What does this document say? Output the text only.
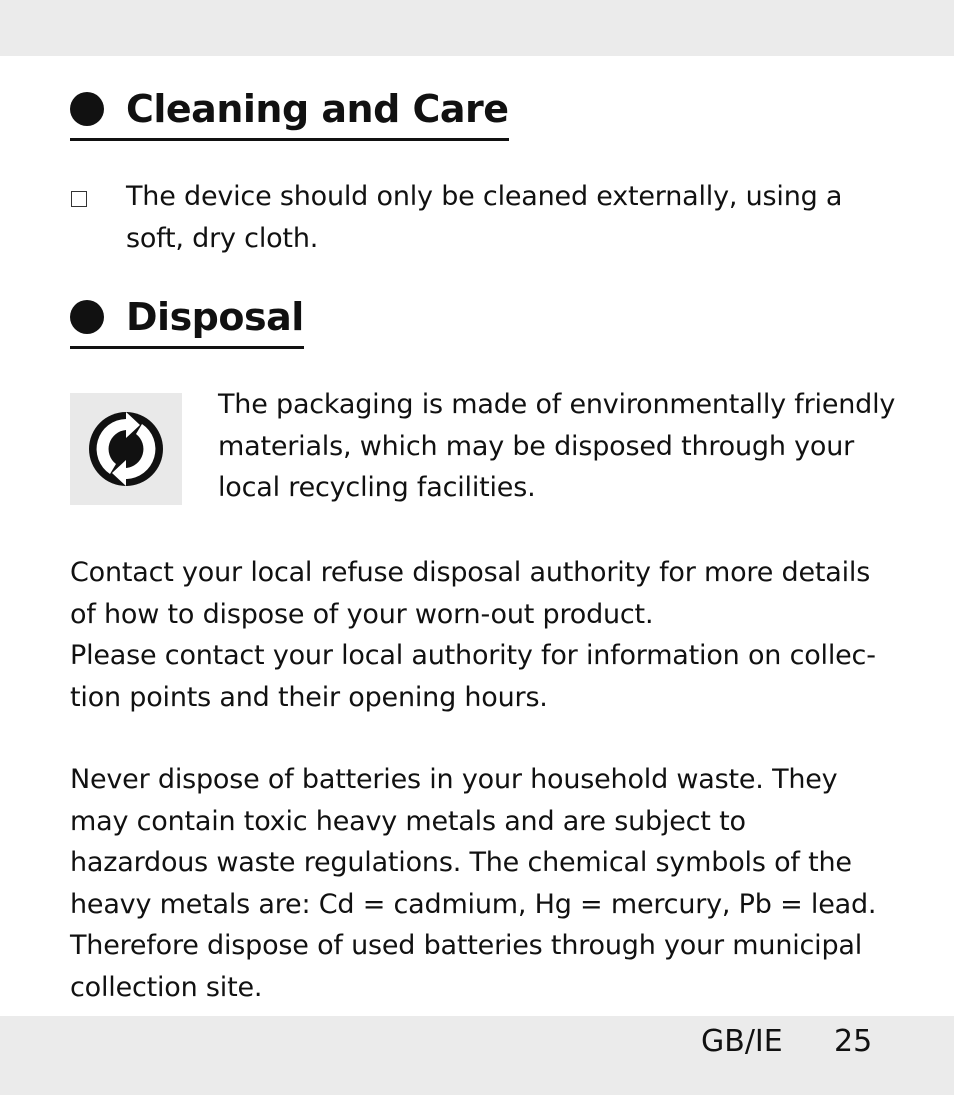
Cleaning and Care
The device should only be cleaned externally, using a soft, dry cloth.
Disposal
The packaging is made of environmentally friendly materials, which may be disposed through your local recycling facilities.

Contact your local refuse disposal authority for more details of how to dispose of your worn-out product.

Please contact your local authority for information on collec-tion points and their opening hours.

Never dispose of batteries in your household waste. They may contain toxic heavy metals and are subject to hazardous waste regulations. The chemical symbols of the heavy metals are: Cd = cadmium, Hg = mercury, Pb = lead. Therefore dispose of used batteries through your municipal collection site.

GB/IE 25
